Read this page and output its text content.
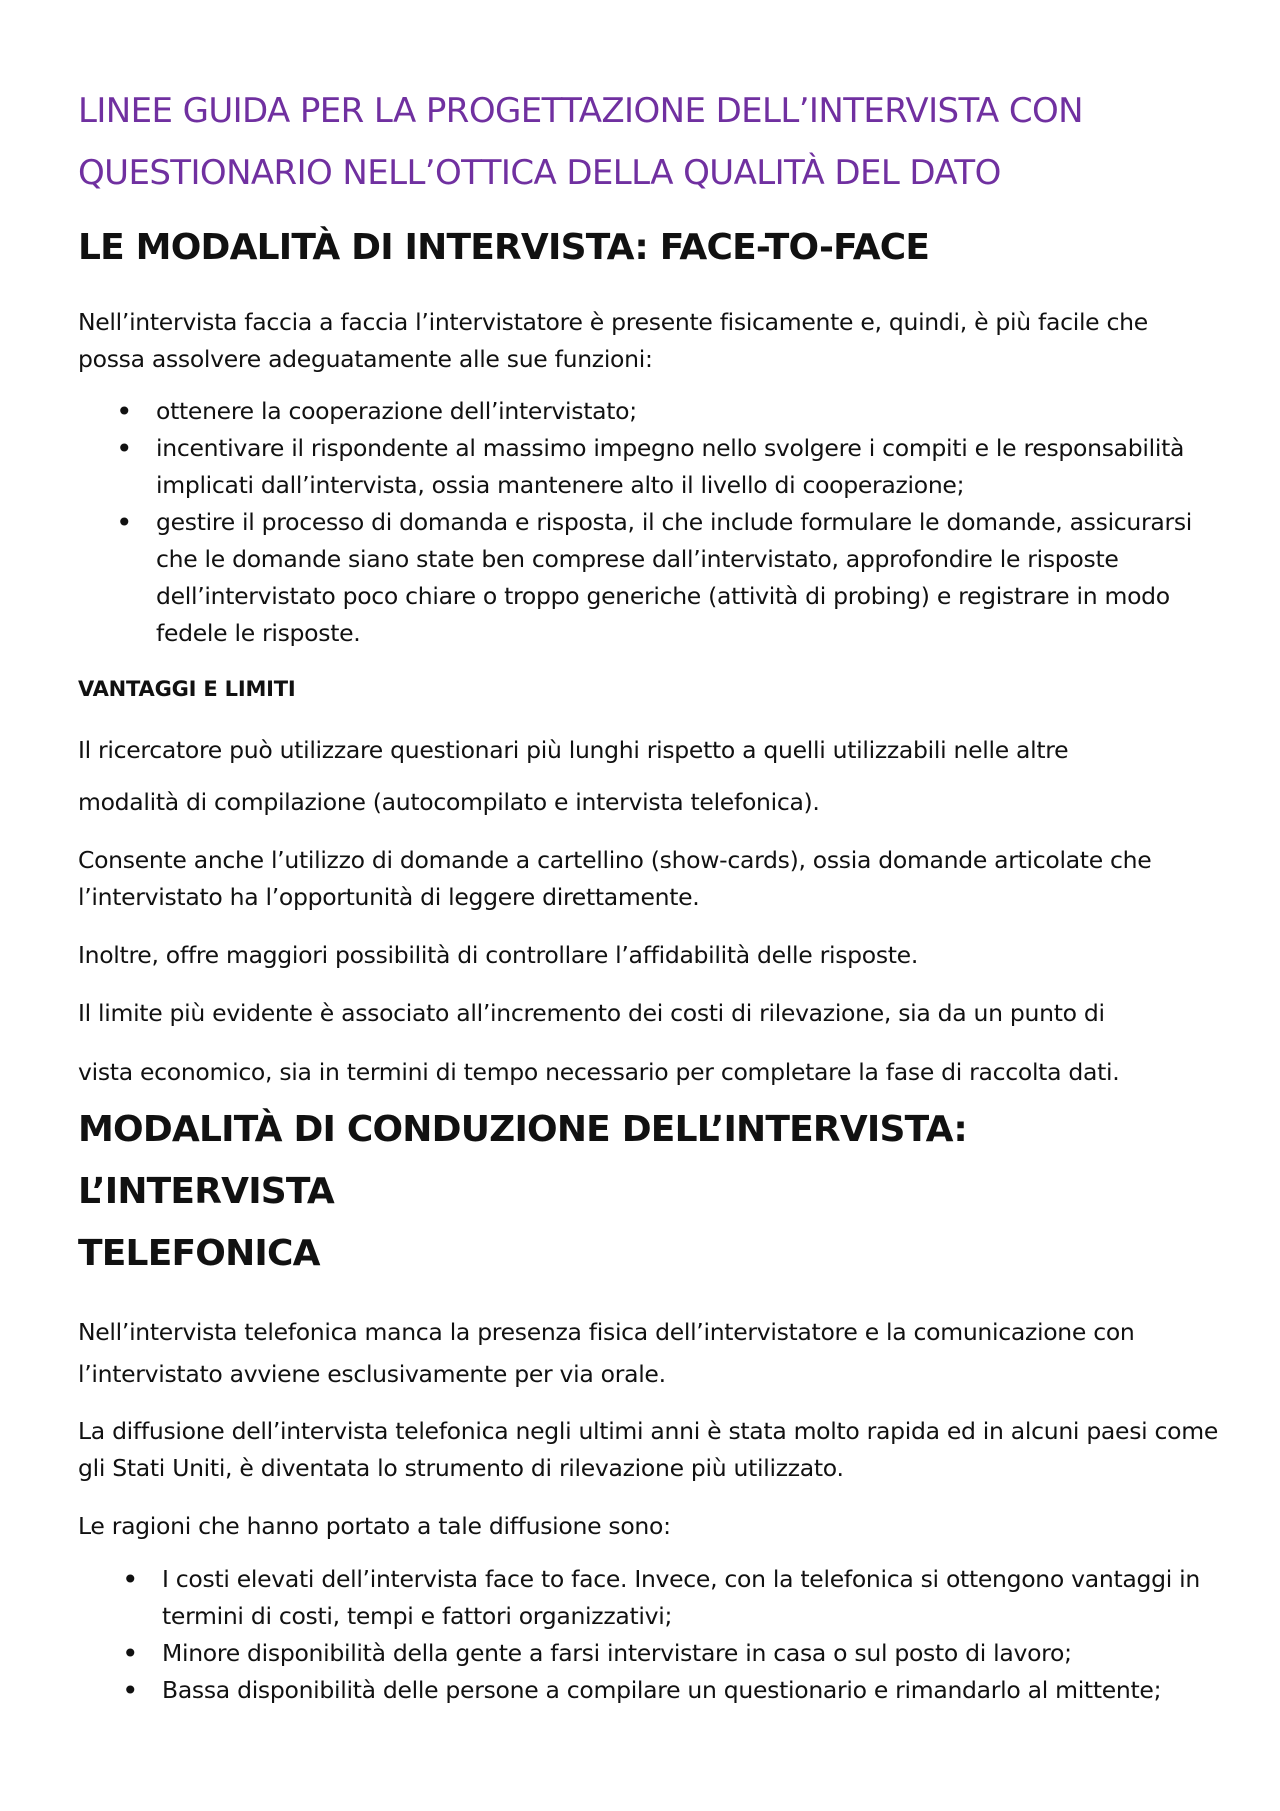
LINEE GUIDA PER LA PROGETTAZIONE DELL’INTERVISTA CON
QUESTIONARIO NELL’OTTICA DELLA QUALITÀ DEL DATO
LE MODALITÀ DI INTERVISTA: FACE-TO-FACE

Nell’intervista faccia a faccia l’intervistatore è presente fisicamente e, quindi, è più facile che possa assolvere adeguatamente alle sue funzioni:

• ottenere la cooperazione dell’intervistato;
• incentivare il rispondente al massimo impegno nello svolgere i compiti e le responsabilità implicati dall’intervista, ossia mantenere alto il livello di cooperazione;
• gestire il processo di domanda e risposta, il che include formulare le domande, assicurarsi che le domande siano state ben comprese dall’intervistato, approfondire le risposte dell’intervistato poco chiare o troppo generiche (attività di probing) e registrare in modo fedele le risposte.
VANTAGGI E LIMITI

Il ricercatore può utilizzare questionari più lunghi rispetto a quelli utilizzabili nelle altre

modalità di compilazione (autocompilato e intervista telefonica).

Consente anche l’utilizzo di domande a cartellino (show-cards), ossia domande articolate che l’intervistato ha l’opportunità di leggere direttamente.

Inoltre, offre maggiori possibilità di controllare l’affidabilità delle risposte.

Il limite più evidente è associato all’incremento dei costi di rilevazione, sia da un punto di

vista economico, sia in termini di tempo necessario per completare la fase di raccolta dati.

MODALITÀ DI CONDUZIONE DELL’INTERVISTA: L’INTERVISTA
TELEFONICA

Nell’intervista telefonica manca la presenza fisica dell’intervistatore e la comunicazione con l’intervistato avviene esclusivamente per via orale.

La diffusione dell’intervista telefonica negli ultimi anni è stata molto rapida ed in alcuni paesi come gli Stati Uniti, è diventata lo strumento di rilevazione più utilizzato.

Le ragioni che hanno portato a tale diffusione sono:

• I costi elevati dell’intervista face to face. Invece, con la telefonica si ottengono vantaggi in termini di costi, tempi e fattori organizzativi;
• Minore disponibilità della gente a farsi intervistare in casa o sul posto di lavoro;
• Bassa disponibilità delle persone a compilare un questionario e rimandarlo al mittente;
